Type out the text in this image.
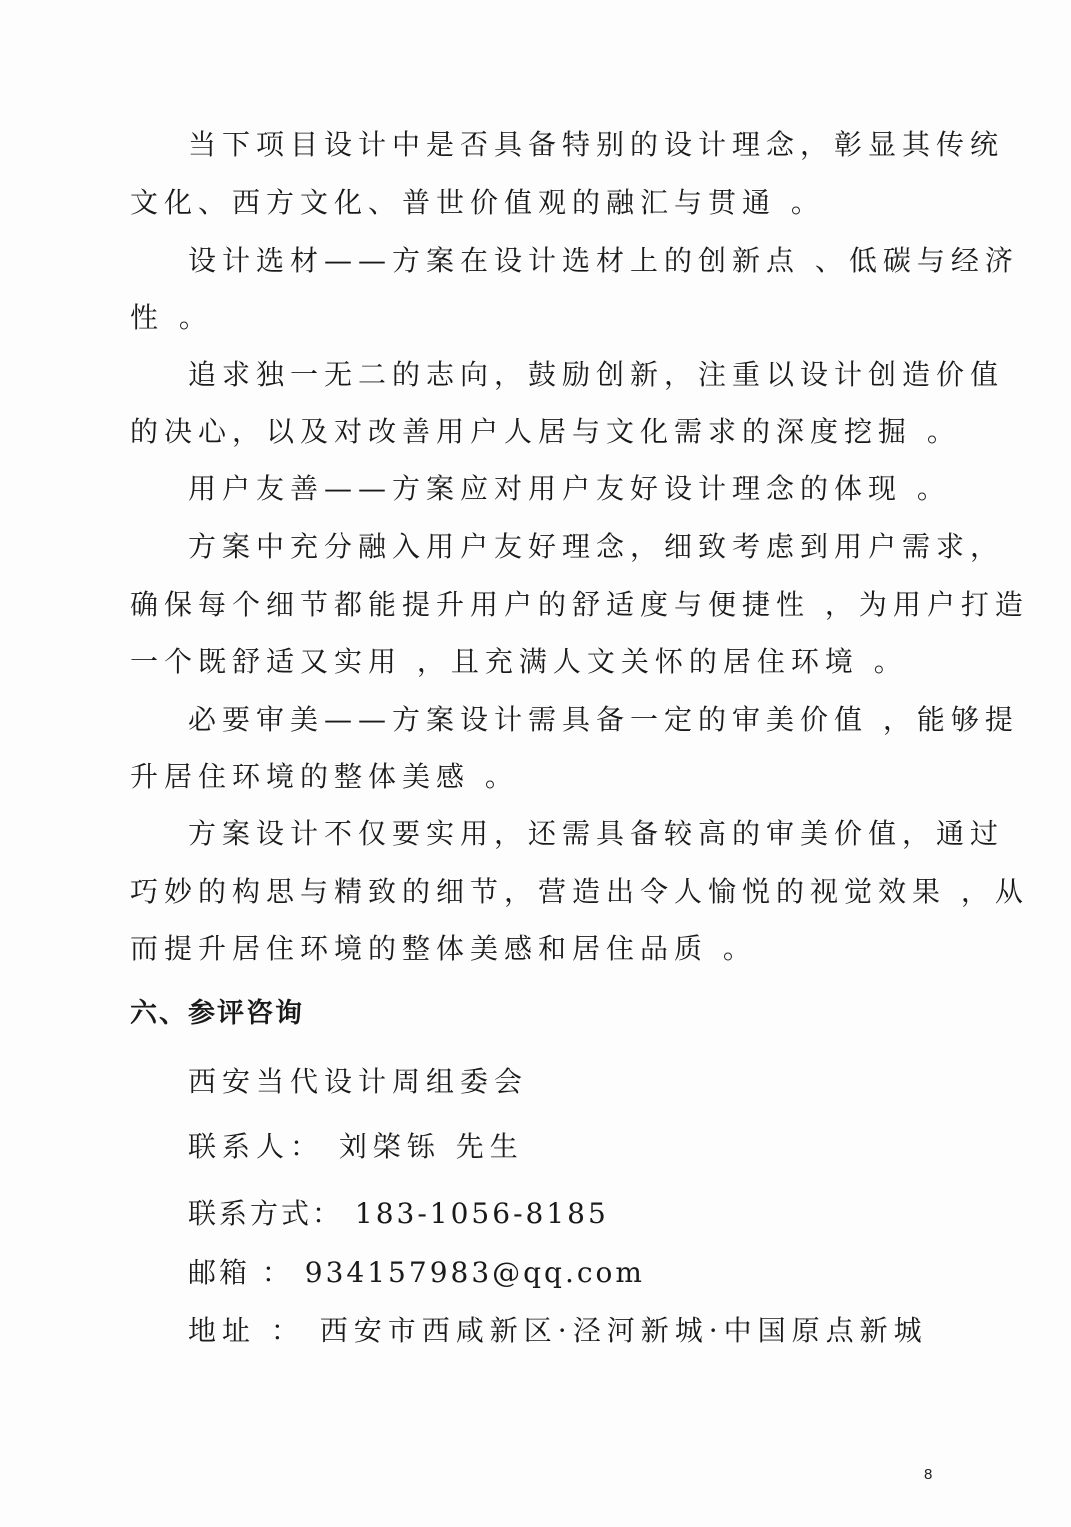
当下项目设计中是否具备特别的设计理念，彰显其传统
文化、西方文化、普世价值观的融汇与贯通 。
设计选材——方案在设计选材上的创新点 、低碳与经济
性 。
追求独一无二的志向，鼓励创新，注重以设计创造价值
的决心，以及对改善用户人居与文化需求的深度挖掘 。
用户友善——方案应对用户友好设计理念的体现 。
方案中充分融入用户友好理念，细致考虑到用户需求，
确保每个细节都能提升用户的舒适度与便捷性 ，为用户打造
一个既舒适又实用 ，且充满人文关怀的居住环境 。
必要审美——方案设计需具备一定的审美价值 ，能够提
升居住环境的整体美感 。
方案设计不仅要实用，还需具备较高的审美价值，通过
巧妙的构思与精致的细节，营造出令人愉悦的视觉效果 ，从
而提升居住环境的整体美感和居住品质 。
六、参评咨询
西安当代设计周组委会
联系人： 刘棨铄 先生
联系方式： 183-1056-8185
邮箱 ： 934157983@qq.com
地址 ： 西安市西咸新区·泾河新城·中国原点新城
8
